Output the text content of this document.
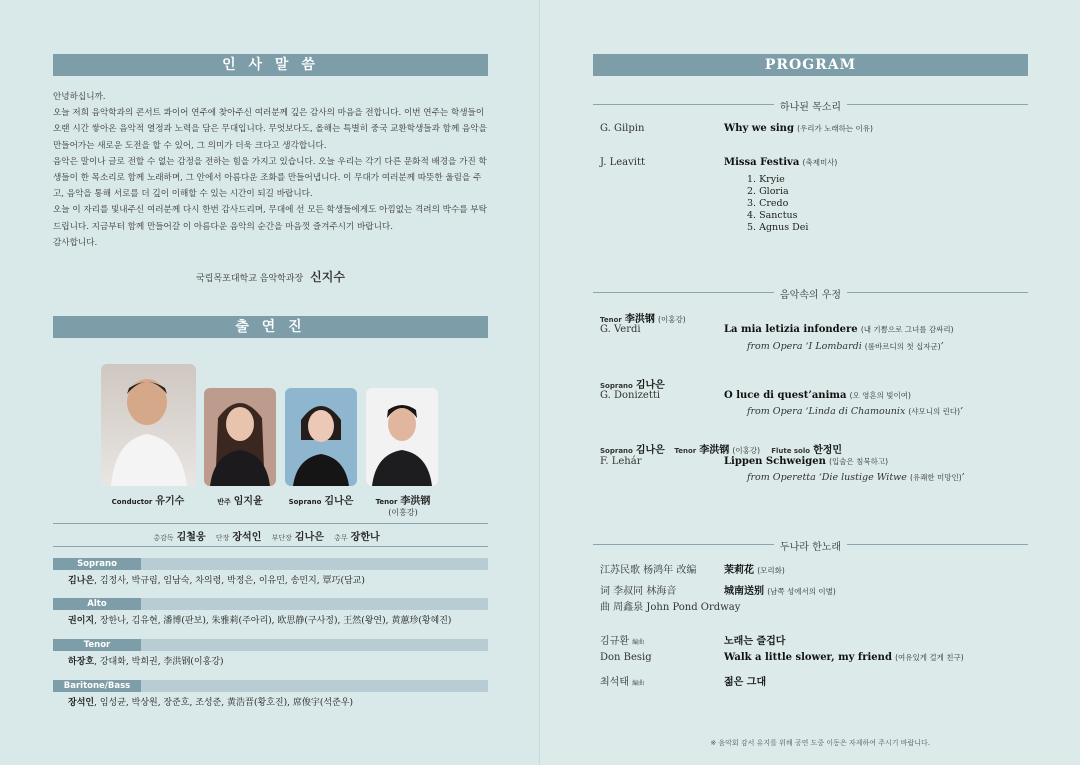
인 사 말 씀

안녕하십니까.

오늘 저희 음악학과의 콘서트 콰이어 연주에 찾아주신 여러분께 깊은 감사의 마음을 전합니다. 이번 연주는 학생들이 오랜 시간 쌓아온 음악적 열정과 노력을 담은 무대입니다. 무엇보다도, 올해는 특별히 중국 교환학생들과 함께 음악을 만들어가는 새로운 도전을 할 수 있어, 그 의미가 더욱 크다고 생각합니다.

음악은 말이나 글로 전할 수 없는 감정을 전하는 힘을 가지고 있습니다. 오늘 우리는 각기 다른 문화적 배경을 가진 학생들이 한 목소리로 함께 노래하며, 그 안에서 아름다운 조화를 만들어냅니다. 이 무대가 여러분께 따뜻한 울림을 주고, 음악을 통해 서로를 더 깊이 이해할 수 있는 시간이 되길 바랍니다.

오늘 이 자리를 빛내주신 여러분께 다시 한번 감사드리며, 무대에 선 모든 학생들에게도 아낌없는 격려의 박수를 부탁드립니다. 지금부터 함께 만들어갈 이 아름다운 음악의 순간을 마음껏 즐겨주시기 바랍니다.

감사합니다.

국립목포대학교 음악학과장 신지수
출 연 진
Conductor 유기수	반주 임지윤	Soprano 김나은	Tenor 李洪钢
(이홍강)
총감독 김철웅 단장 장석인 부단장 김나은 총무 장한나
Soprano
김나은, 김정사, 박규림, 임남숙, 차의령, 박정은, 이유민, 송민지, 覃巧(담교)
Alto
권이지, 장한나, 김유현, 潘博(판보), 朱雅莉(주아리), 欧思静(구사정), 王然(왕연), 黄蕙珍(황혜진)
Tenor
하장호, 강대화, 박희권, 李洪钢(이홍강)
Baritone/Bass
장석인, 임성균, 박상원, 장준호, 조성준, 黄浩晋(황호진), 席俊宇(석준우)
PROGRAM
하나된 목소리
G. Gilpin	Why we sing (우리가 노래하는 이유)
J. Leavitt	Missa Festiva (축제미사)
1. Kryie
2. Gloria
3. Credo
4. Sanctus
5. Agnus Dei
음악속의 우정
Tenor 李洪钢 (이홍강)
G. Verdi	La mia letizia infondere (내 기쁨으로 그녀를 감싸리)
from Opera ‘I Lombardi (롬바르디의 첫 십자군)’
Soprano 김나은
G. Donizetti	O luce di quest’anima (오 영혼의 빛이여)
from Opera ‘Linda di Chamounix (샤모니의 린다)’
Soprano 김나은 Tenor 李洪钢 (이홍강) Flute solo 한정민
F. Lehár	Lippen Schweigen (입술은 침묵하고)
from Operetta ‘Die lustige Witwe (유쾌한 미망인)’
두나라 한노래
江苏民歌 杨鸿年 改编	茉莉花 (모리화)
词 李叔同 林海音	城南送别 (남쪽 성에서의 이별)
曲 周鑫泉 John Pond Ordway
김규환 編曲	노래는 즐겁다
Don Besig	Walk a little slower, my friend (여유있게 걸게 친구)
최석태 編曲	젊은 그대
※ 음악회 감서 유지를 위해 공연 도중 이동은 자제하여 주시기 바랍니다.
